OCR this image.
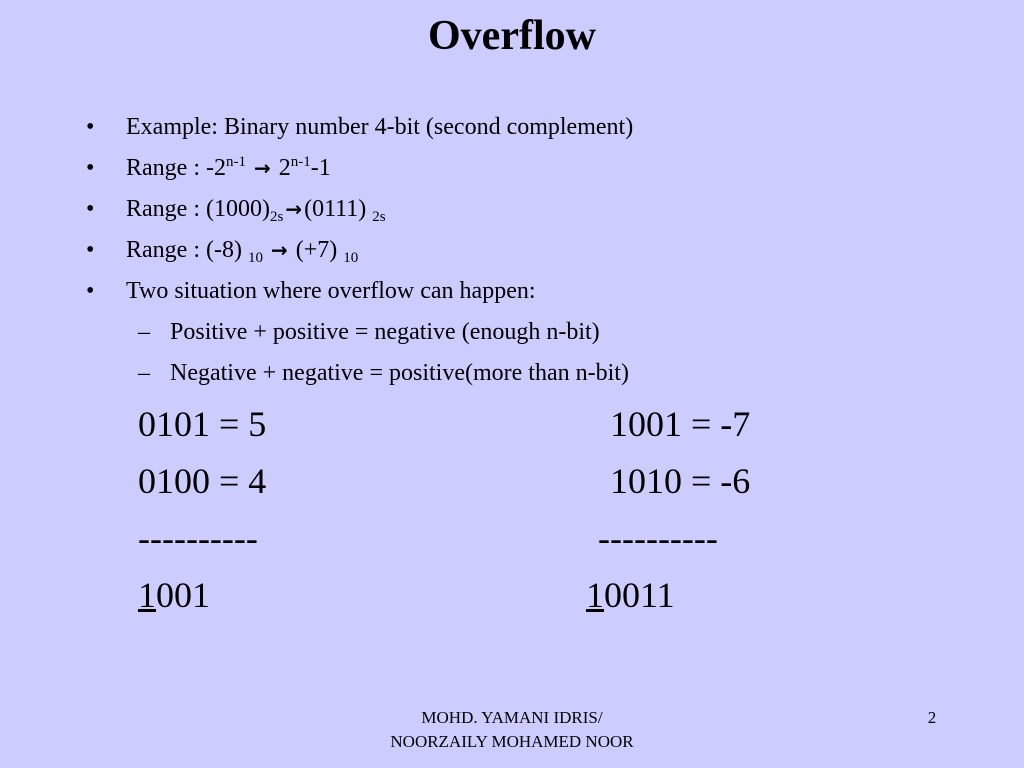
Overflow
• Example: Binary number 4-bit (second complement)
• Range : $-2^{n-1} \to 2^{n-1}-1$
• Range : $(1000)_{2s} \to(0111)$ $_{2s}$
• Range : (-8) $_{10}$ → (+7) $_{10}$
• Two situation where overflow can happen:
– Positive + positive = negative (enough n-bit)
– Negative + negative = positive(more than n-bit)
0101 = 5
0100 = 4
----------
1001
1001 = -7
1010 = -6
----------
10011
MOHD. YAMANI IDRIS/
NOORZAILY MOHAMED NOOR
2
